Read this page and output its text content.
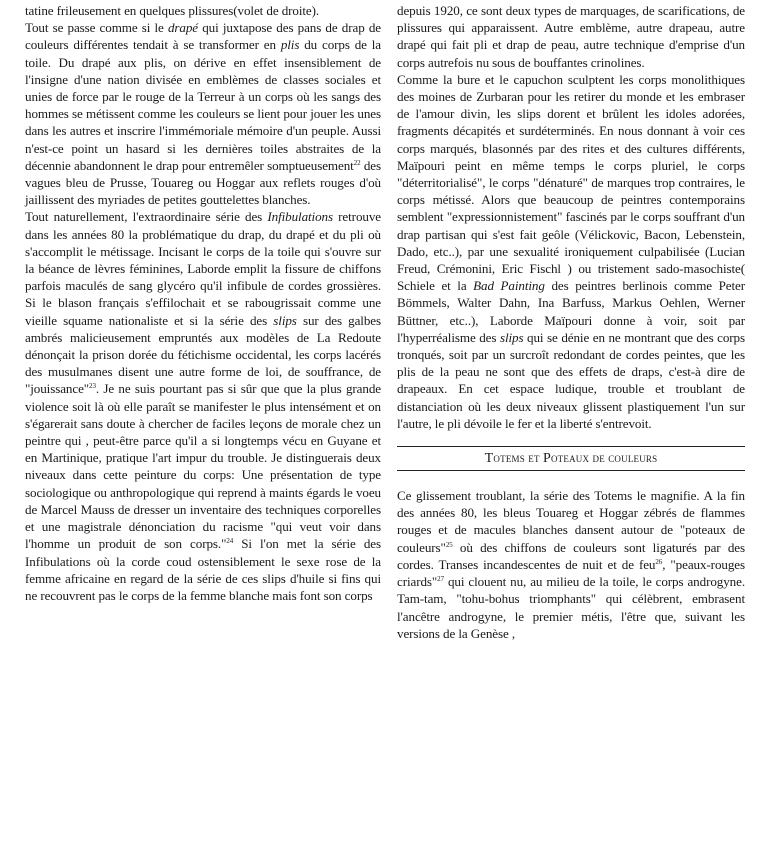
tatine frileusement en quelques plissures(volet de droite).
Tout se passe comme si le drapé qui juxtapose des pans de drap de couleurs différentes tendait à se transformer en plis du corps de la toile. Du drapé aux plis, on dérive en effet insensiblement de l'insigne d'une nation divisée en emblèmes de classes sociales et unies de force par le rouge de la Terreur à un corps où les sangs des hommes se métissent comme les couleurs se lient pour jouer les unes dans les autres et inscrire l'immémoriale mémoire d'un peuple. Aussi n'est-ce point un hasard si les dernières toiles abstraites de la décennie abandonnent le drap pour entremêler somptueusement$^{22}$ des vagues bleu de Prusse, Touareg ou Hoggar aux reflets rouges d'où jaillissent des myriades de petites gouttelettes blanches.

Tout naturellement, l'extraordinaire série des Infibulations retrouve dans les années 80 la problématique du drap, du drapé et du pli où s'accomplit le métissage. Incisant le corps de la toile qui s'ouvre sur la béance de lèvres féminines, Laborde emplit la fissure de chiffons parfois maculés de sang glycéro qu'il infibule de cordes grossières. Si le blason français s'effilochait et se rabougrissait comme une vieille squame nationaliste et si la série des slips sur des galbes ambrés malicieusement empruntés aux modèles de La Redoute dénonçait la prison dorée du fétichisme occidental, les corps lacérés des musulmanes disent une autre forme de loi, de souffrance, de "jouissance"$^{23}$. Je ne suis pourtant pas si sûr que que la plus grande violence soit là où elle paraît se manifester le plus intensément et on s'égarerait sans doute à chercher de faciles leçons de morale chez un peintre qui , peut-être parce qu'il a si longtemps vécu en Guyane et en Martinique, pratique l'art impur du trouble. Je distinguerais deux niveaux dans cette peinture du corps: Une présentation de type sociologique ou anthropologique qui reprend à maints égards le voeu de Marcel Mauss de dresser un inventaire des techniques corporelles et une magistrale dénonciation du racisme "qui veut voir dans l'homme un produit de son corps."$^{24}$ Si l'on met la série des Infibulations où la corde coud ostensiblement le sexe rose de la femme africaine en regard de la série de ces slips d'huile si fins qui ne recouvrent pas le corps de la femme blanche mais font son corps

depuis 1920, ce sont deux types de marquages, de scarifications, de plissures qui apparaissent. Autre emblème, autre drapeau, autre drapé qui fait pli et drap de peau, autre technique d'emprise d'un corps autrefois nu sous de bouffantes crinolines.

Comme la bure et le capuchon sculptent les corps monolithiques des moines de Zurbaran pour les retirer du monde et les embraser de l'amour divin, les slips dorent et brûlent les idoles adorées, fragments décapités et surdéterminés. En nous donnant à voir ces corps marqués, blasonnés par des rites et des cultures différents, Maïpouri peint en même temps le corps pluriel, le corps "déterritorialisé", le corps "dénaturé" de marques trop contraires, le corps métissé. Alors que beaucoup de peintres contemporains semblent "expressionnistement" fascinés par le corps souffrant d'un drap partisan qui s'est fait geôle (Vélickovic, Bacon, Lebenstein, Dado, etc..), par une sexualité ironiquement culpabilisée (Lucian Freud, Crémonini, Eric Fischl ) ou tristement sado-masochiste( Schiele et la Bad Painting des peintres berlinois comme Peter Bömmels, Walter Dahn, Ina Barfuss, Markus Oehlen, Werner Büttner, etc..), Laborde Maïpouri donne à voir, soit par l'hyperréalisme des slips qui se dénie en ne montrant que des corps tronqués, soit par un surcroît redondant de cordes peintes, que les plis de la peau ne sont que des effets de draps, c'est-à dire de drapeaux. En cet espace ludique, trouble et troublant de distanciation où les deux niveaux glissent plastiquement l'un sur l'autre, le pli dévoile le fer et la liberté s'entrevoit.

Totems et Poteaux de couleurs

Ce glissement troublant, la série des Totems le magnifie. A la fin des années 80, les bleus Touareg et Hoggar zébrés de flammes rouges et de macules blanches dansent autour de "poteaux de couleurs"$^{25}$ où des chiffons de couleurs sont ligaturés par des cordes. Transes incandescentes de nuit et de feu$^{26}$, "peaux-rouges criards"$^{27}$ qui clouent nu, au milieu de la toile, le corps androgyne. Tam-tam, "tohu-bohus triomphants" qui célèbrent, embrasent l'ancêtre androgyne, le premier métis, l'être que, suivant les versions de la Genèse ,
